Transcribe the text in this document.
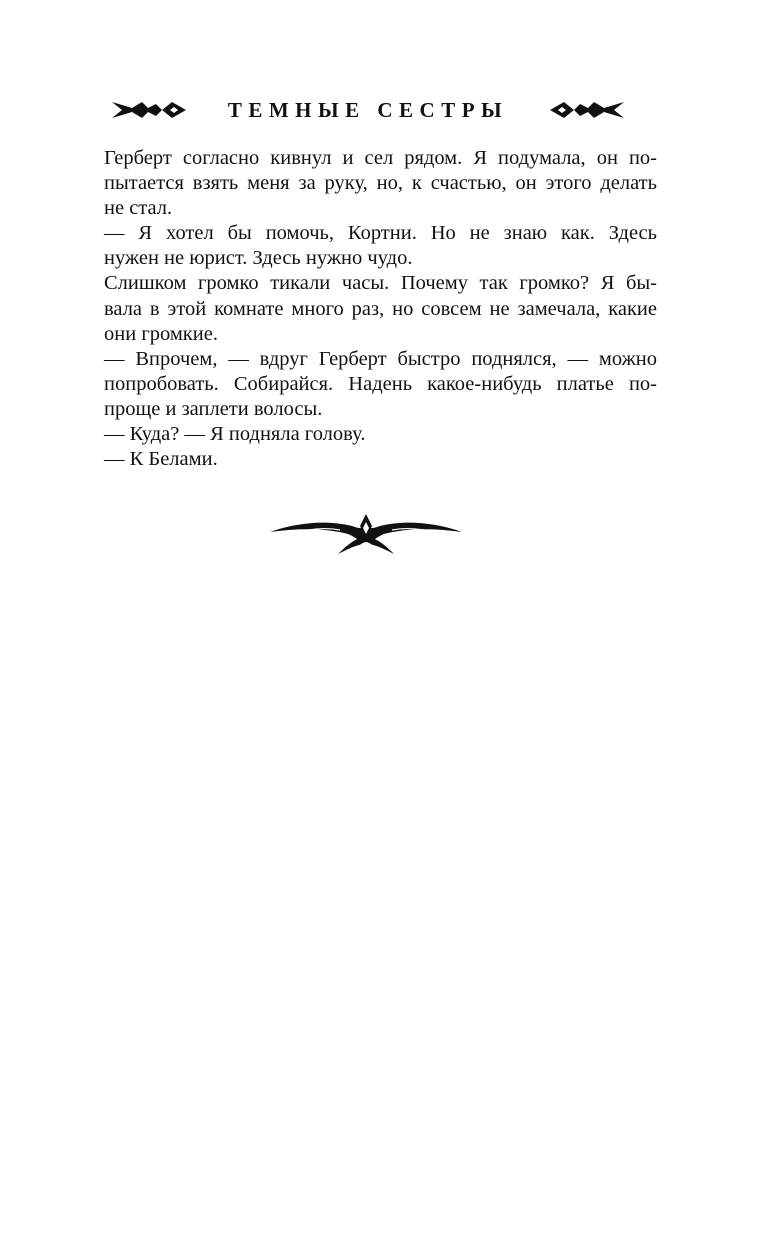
ТЕМНЫЕ СЕСТРЫ

Герберт согласно кивнул и сел рядом. Я подумала, он по-
пытается взять меня за руку, но, к счастью, он этого делать
не стал.

— Я хотел бы помочь, Кортни. Но не знаю как. Здесь
нужен не юрист. Здесь нужно чудо.

Слишком громко тикали часы. Почему так громко? Я бы-
вала в этой комнате много раз, но совсем не замечала, какие
они громкие.

— Впрочем, — вдруг Герберт быстро поднялся, — можно
попробовать. Собирайся. Надень какое-нибудь платье по-
проще и заплети волосы.

— Куда? — Я подняла голову.

— К Белами.
